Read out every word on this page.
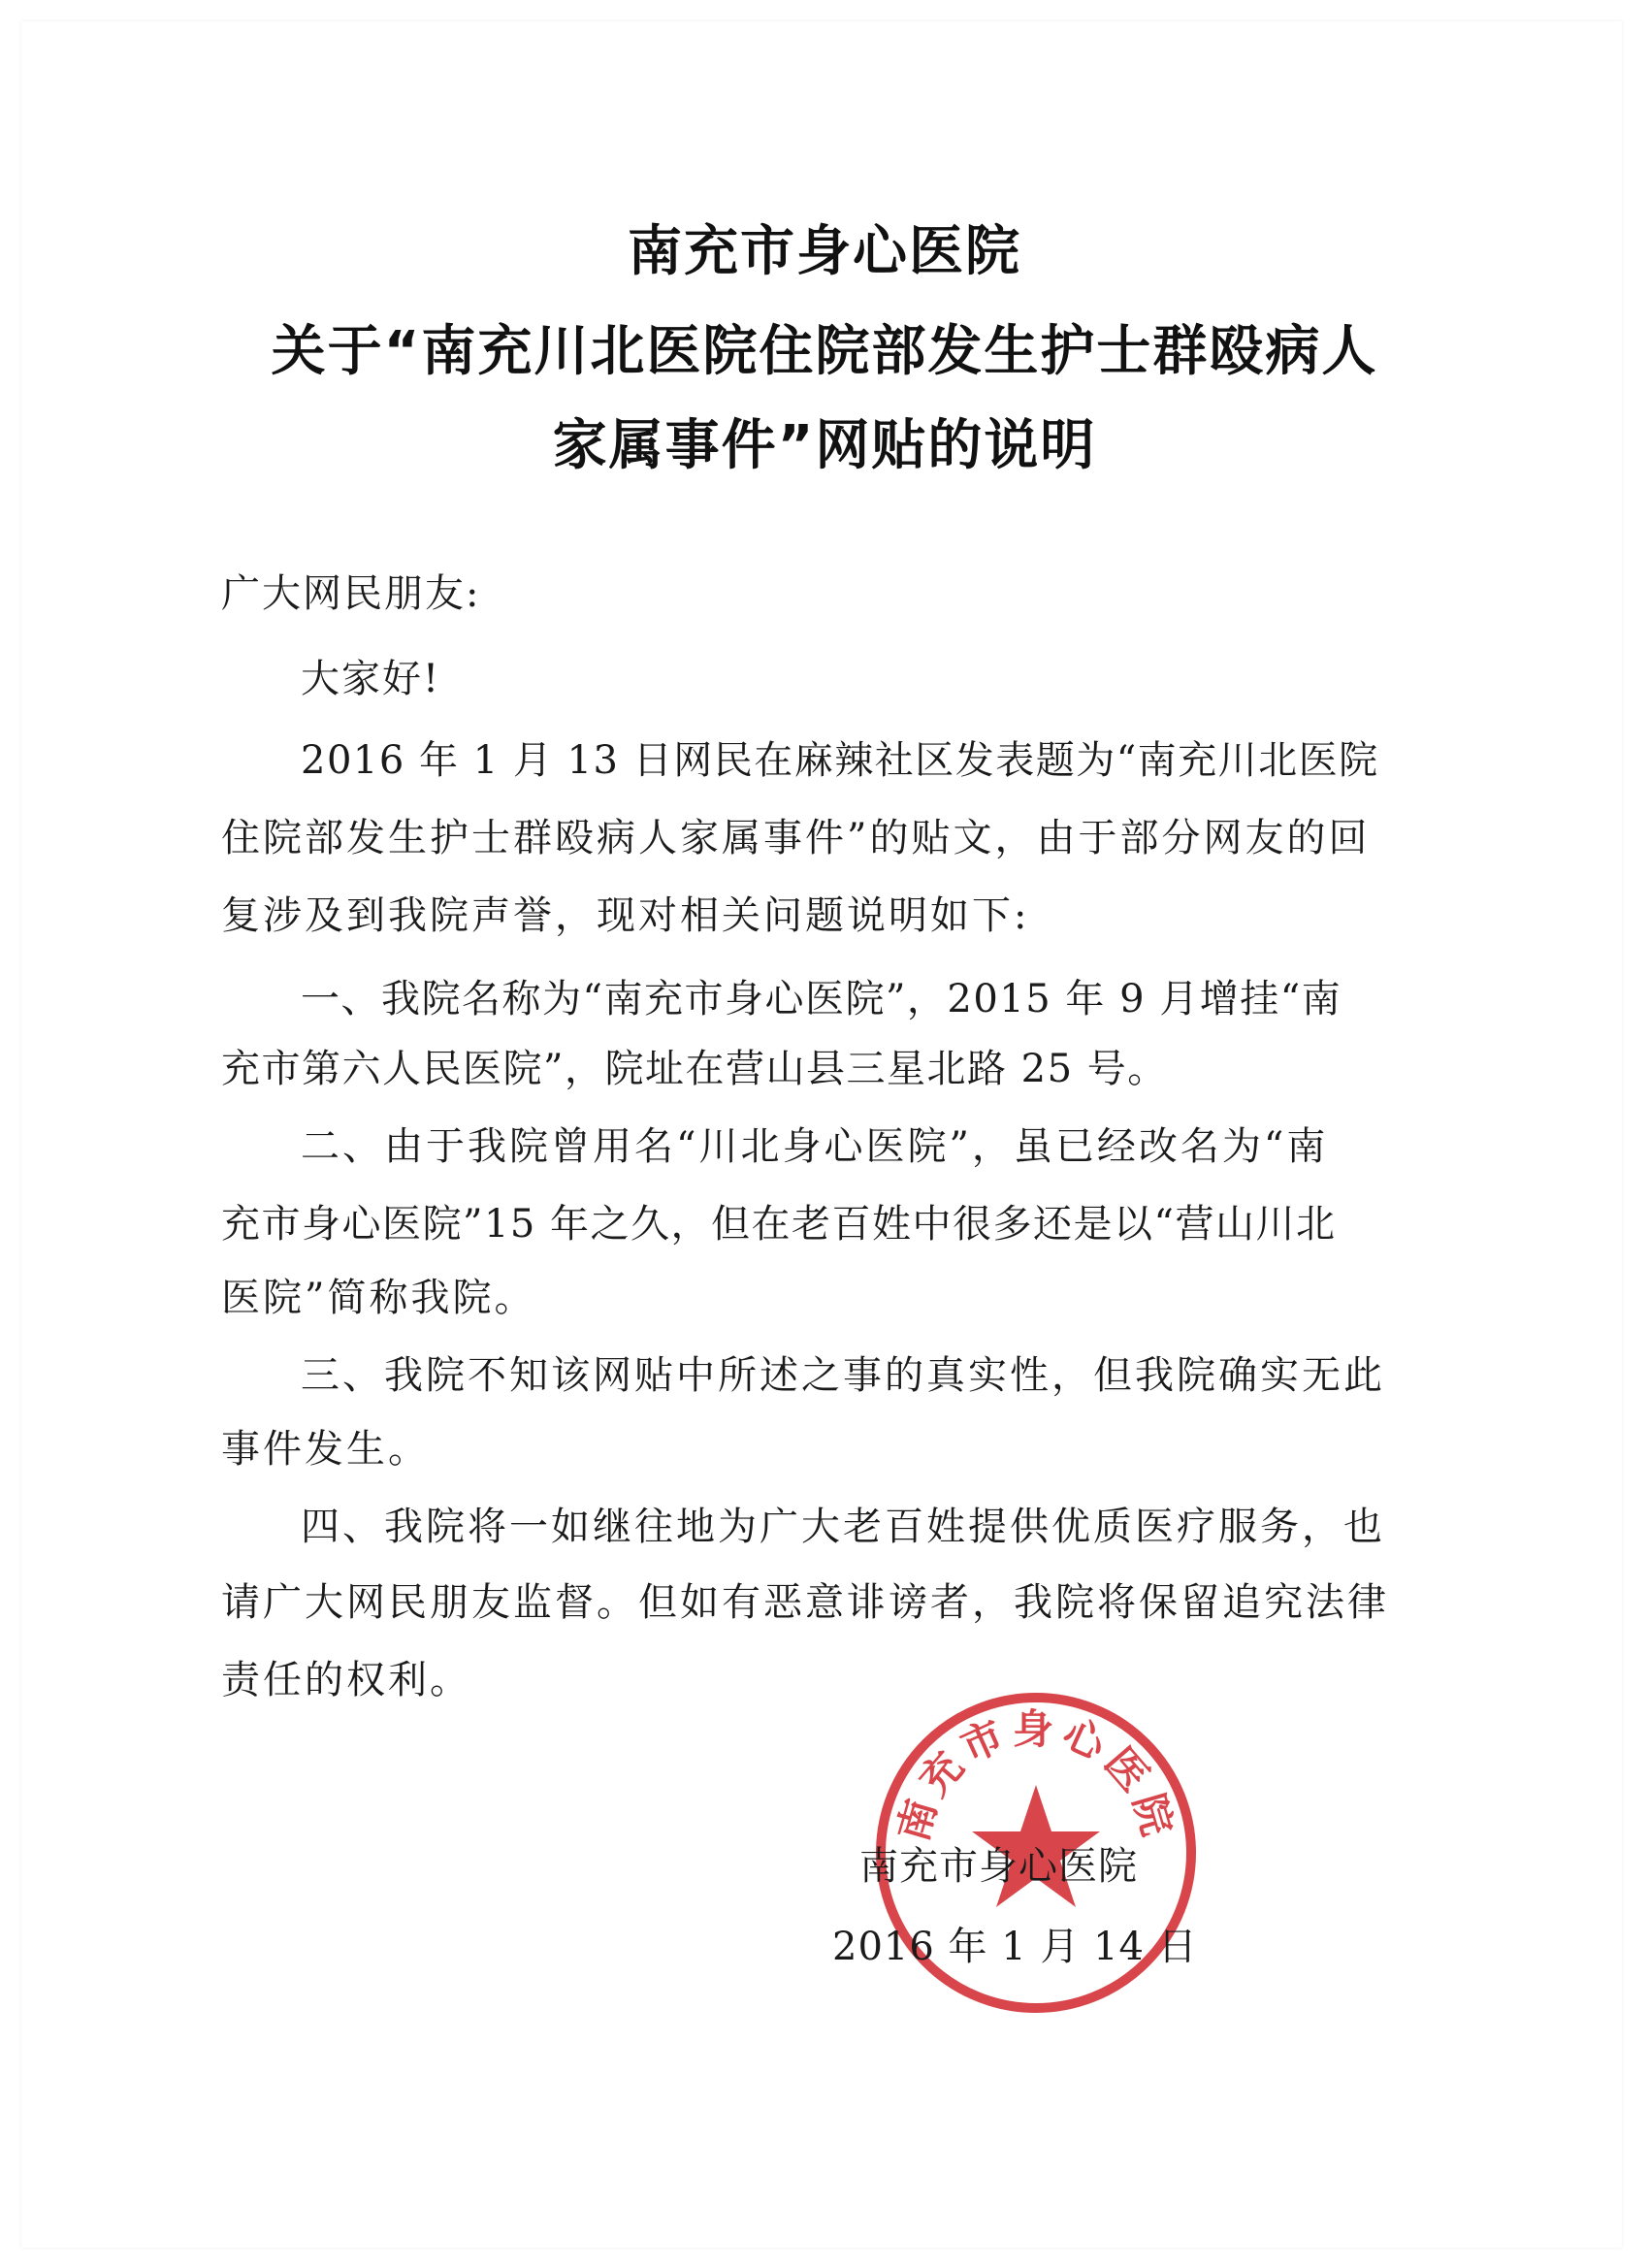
南充市身心医院
关于“南充川北医院住院部发生护士群殴病人
家属事件”网贴的说明
广大网民朋友:
大家好!
2016 年 1 月 13 日网民在麻辣社区发表题为“南充川北医院
住院部发生护士群殴病人家属事件”的贴文，由于部分网友的回
复涉及到我院声誉，现对相关问题说明如下:
一、我院名称为“南充市身心医院”，2015 年 9 月增挂“南
充市第六人民医院”，院址在营山县三星北路 25 号。
二、由于我院曾用名“川北身心医院”，虽已经改名为“南
充市身心医院”15 年之久，但在老百姓中很多还是以“营山川北
医院”简称我院。
三、我院不知该网贴中所述之事的真实性，但我院确实无此
事件发生。
四、我院将一如继往地为广大老百姓提供优质医疗服务，也
请广大网民朋友监督。但如有恶意诽谤者，我院将保留追究法律
责任的权利。
南充市身心医院
南充市身心医院
2016 年 1 月 14 日
